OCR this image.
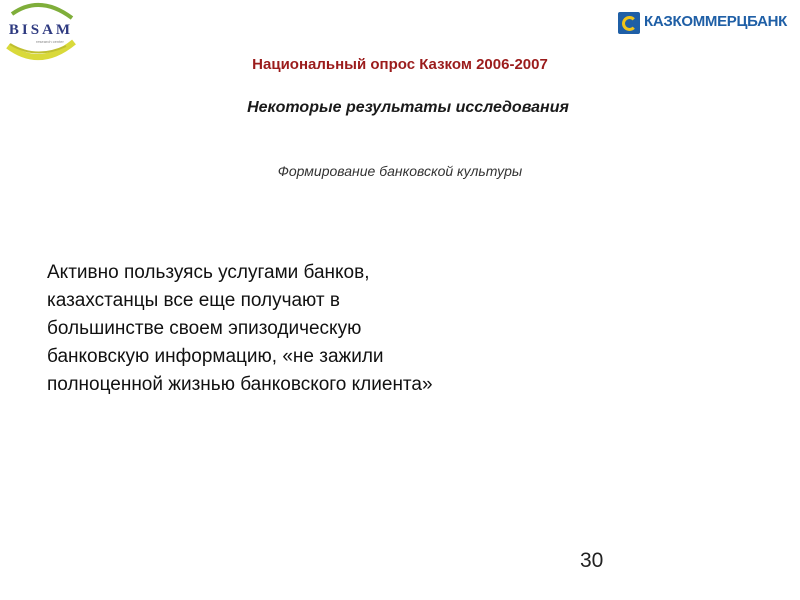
BISAM
research center
КАЗКОММЕРЦБАНК
Национальный опрос Казком 2006-2007
Некоторые результаты исследования
Формирование банковской культуры
Активно пользуясь услугами банков,
казахстанцы все еще получают в
большинстве своем эпизодическую
банковскую информацию, «не зажили
полноценной жизнью банковского клиента»
30
